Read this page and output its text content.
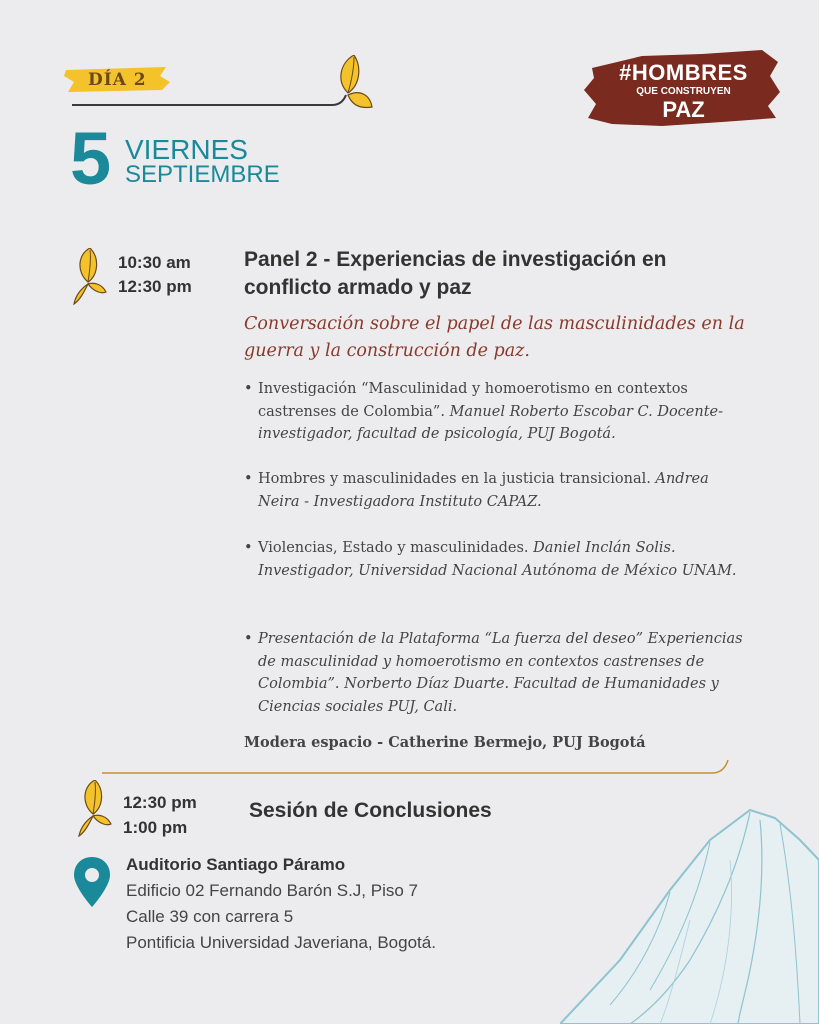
DÍA 2	#HOMBRES
QUE CONSTRUYEN
PAZ
5 VIERNES
SEPTIEMBRE
10:30 am
12:30 pm
Panel 2 - Experiencias de investigación en conflicto armado y paz
Conversación sobre el papel de las masculinidades en la guerra y la construcción de paz.
• Investigación “Masculinidad y homoerotismo en contextos castrenses de Colombia”. Manuel Roberto Escobar C. Docente-investigador, facultad de psicología, PUJ Bogotá.
• Hombres y masculinidades en la justicia transicional. Andrea Neira - Investigadora Instituto CAPAZ.
• Violencias, Estado y masculinidades. Daniel Inclán Solis. Investigador, Universidad Nacional Autónoma de México UNAM.
• Presentación de la Plataforma “La fuerza del deseo” Experiencias de masculinidad y homoerotismo en contextos castrenses de Colombia”. Norberto Díaz Duarte. Facultad de Humanidades y Ciencias sociales PUJ, Cali.
Modera espacio - Catherine Bermejo, PUJ Bogotá
12:30 pm
1:00 pm
Sesión de Conclusiones
Auditorio Santiago Páramo
Edificio 02 Fernando Barón S.J, Piso 7
Calle 39 con carrera 5
Pontificia Universidad Javeriana, Bogotá.
